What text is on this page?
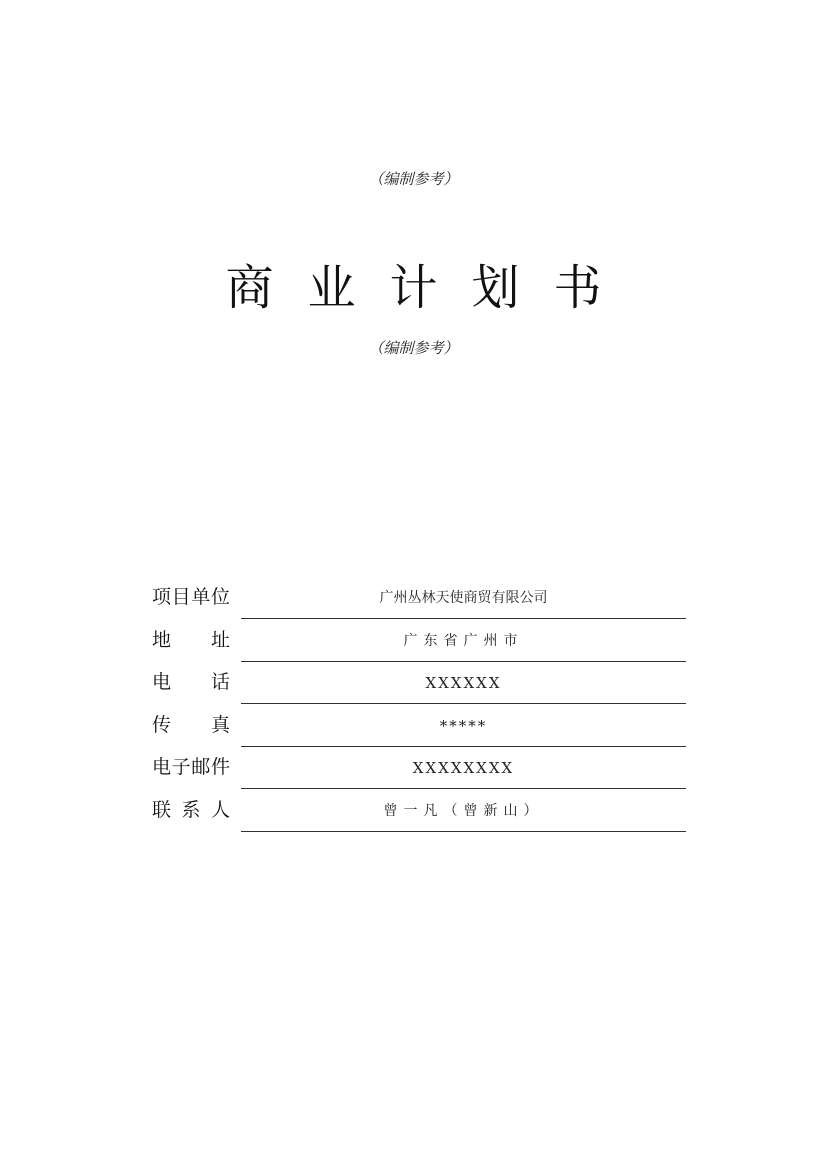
（编制参考）
商业计划书
（编制参考）
项目单位	广州丛林天使商贸有限公司
地址	广东省广州市
电话	XXXXXX
传真	*****
电子邮件	XXXXXXXX
联系人	曾一凡（曾新山）
